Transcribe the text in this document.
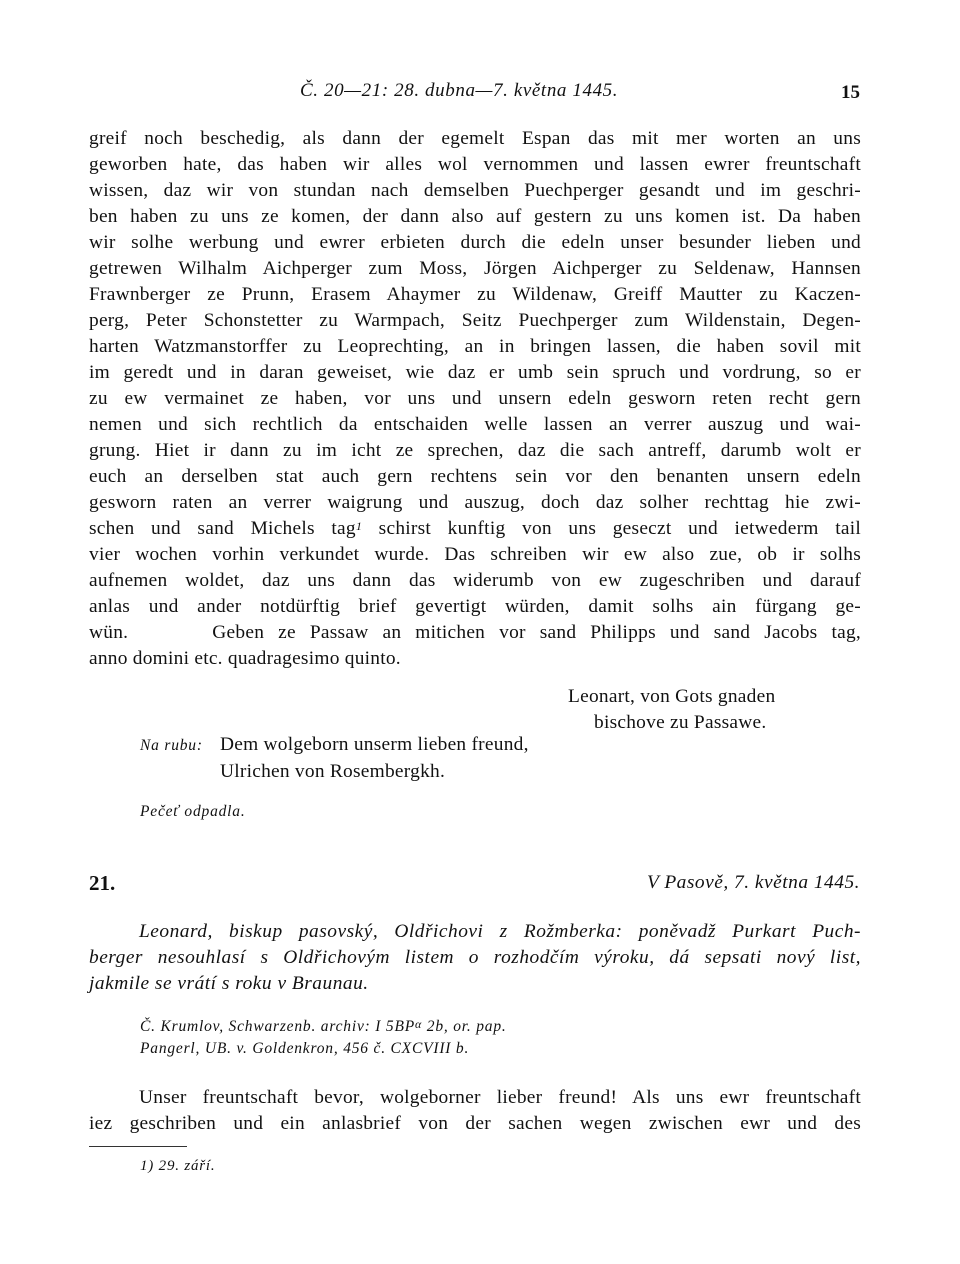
Č. 20—21: 28. dubna—7. května 1445.	15
greif noch beschedig, als dann der egemelt Espan das mit mer worten an uns
geworben hate, das haben wir alles wol vernommen und lassen ewrer freuntschaft
wissen, daz wir von stundan nach demselben Puechperger gesandt und im geschri-
ben haben zu uns ze komen, der dann also auf gestern zu uns komen ist. Da haben
wir solhe werbung und ewrer erbieten durch die edeln unser besunder lieben und
getrewen Wilhalm Aichperger zum Moss, Jörgen Aichperger zu Seldenaw, Hannsen
Frawnberger ze Prunn, Erasem Ahaymer zu Wildenaw, Greiff Mautter zu Kaczen-
perg, Peter Schonstetter zu Warmpach, Seitz Puechperger zum Wildenstain, Degen-
harten Watzmanstorffer zu Leoprechting, an in bringen lassen, die haben sovil mit
im geredt und in daran geweiset, wie daz er umb sein spruch und vordrung, so er
zu ew vermainet ze haben, vor uns und unsern edeln gesworn reten recht gern
nemen und sich rechtlich da entschaiden welle lassen an verrer auszug und wai-
grung. Hiet ir dann zu im icht ze sprechen, daz die sach antreff, darumb wolt er
euch an derselben stat auch gern rechtens sein vor den benanten unsern edeln
gesworn raten an verrer waigrung und auszug, doch daz solher rechttag hie zwi-
schen und sand Michels tag$^1$ schirst kunftig von uns geseczt und ietwederm tail
vier wochen vorhin verkundet wurde. Das schreiben wir ew also zue, ob ir solhs
aufnemen woldet, daz uns dann das widerumb von ew zugeschriben und darauf
anlas und ander notdürftig brief gevertigt würden, damit solhs ain fürgang ge-
wün.      Geben ze Passaw an mitichen vor sand Philipps und sand Jacobs tag,
anno domini etc. quadragesimo quinto.
Leonart, von Gots gnaden
bischove zu Passawe.
Na rubu: Dem wolgeborn unserm lieben freund,
Ulrichen von Rosembergkh.
Pečeť odpadla.
21.	V Pasově, 7. května 1445.
Leonard, biskup pasovský, Oldřichovi z Rožmberka: poněvadž Purkart Puch-
berger nesouhlasí s Oldřichovým listem o rozhodčím výroku, dá sepsati nový list,
jakmile se vrátí s roku v Braunau.
Č. Krumlov, Schwarzenb. archiv: I $5BP^\alpha$ 2b, or. pap.
Pangerl, UB. v. Goldenkron, 456 č. CXCVIII b.
Unser freuntschaft bevor, wolgeborner lieber freund! Als uns ewr freuntschaft
iez geschriben und ein anlasbrief von der sachen wegen zwischen ewr und des
1) 29. září.
